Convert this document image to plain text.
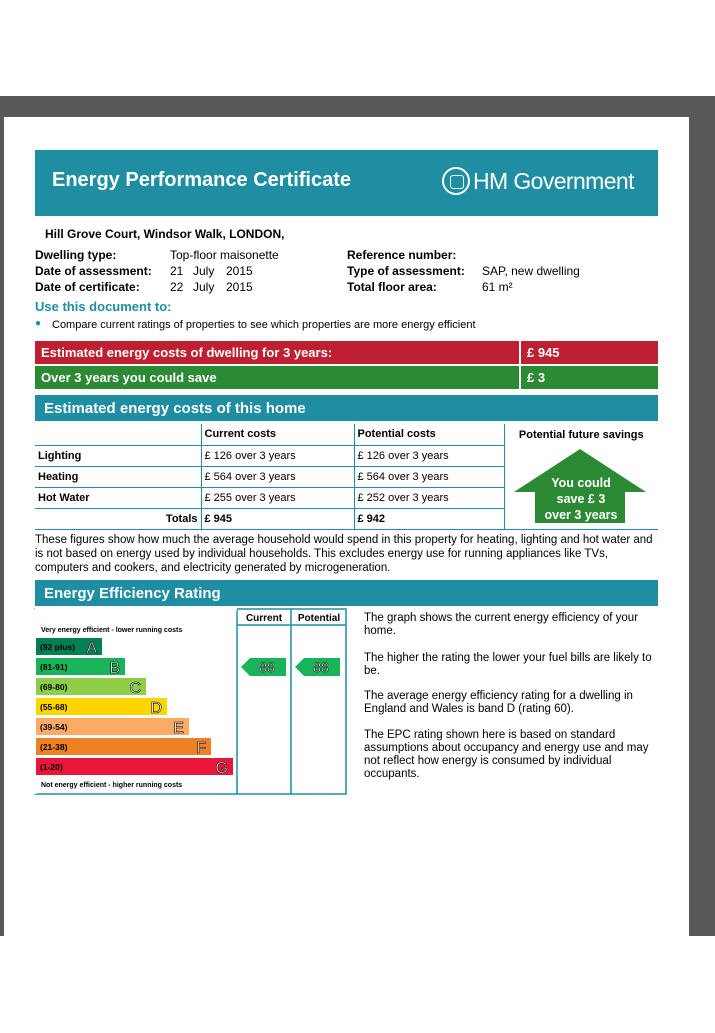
Energy Performance Certificate	HM Government
Hill Grove Court, Windsor Walk, LONDON,
Dwelling type:	Top-floor maisonette
Date of assessment: 21 July 2015
Date of certificate:	22 July 2015
Reference number:
Type of assessment: SAP, new dwelling
Total floor area:	61 m²
Use this document to:
● Compare current ratings of properties to see which properties are more energy efficient
Estimated energy costs of dwelling for 3 years:	£ 945
Over 3 years you could save	£ 3
Estimated energy costs of this home
	Current costs	Potential costs	Potential future savings
Lighting	£ 126 over 3 years	£ 126 over 3 years	
Heating	£ 564 over 3 years	£ 564 over 3 years	
Hot Water	£ 255 over 3 years	£ 252 over 3 years	
Totals	£ 945	£ 942	
You could
save £ 3
over 3 years
These figures show how much the average household would spend in this property for heating, lighting and hot water and is not based on energy used by individual households. This excludes energy use for running appliances like TVs, computers and cookers, and electricity generated by microgeneration.
Energy Efficiency Rating
Current Potential
Very energy efficient - lower running costs
Not energy efficient - higher running costs
(92 plus) A
(81-91)	B
(69-80)	C
(55-68)	D
(39-54)	E
(21-38)	F
(1-20)	G
88	88
The graph shows the current energy efficiency of your home.
The higher the rating the lower your fuel bills are likely to be.
The average energy efficiency rating for a dwelling in England and Wales is band D (rating 60).
The EPC rating shown here is based on standard assumptions about occupancy and energy use and may not reflect how energy is consumed by individual occupants.
